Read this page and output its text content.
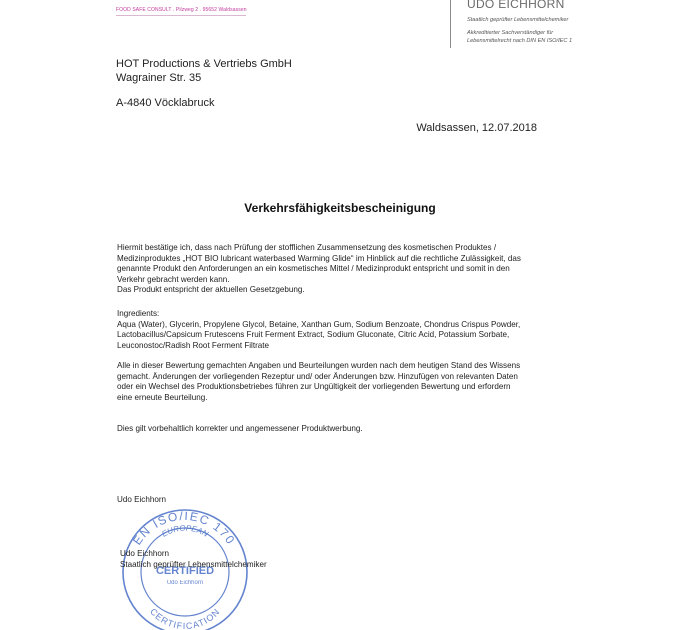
FOOD SAFE CONSULT . Pilzweg 2 . 95652 Waldsassen	UDO EICHHORN
Staatlich geprüfter Lebensmittelchemiker
Akkreditierter Sachverständiger für
Lebensmittelrecht nach DIN EN ISO/IEC 1
HOT Productions & Vertriebs GmbH
Wagrainer Str. 35
A-4840 Vöcklabruck
Waldsassen, 12.07.2018
Verkehrsfähigkeitsbescheinigung
Hiermit bestätige ich, dass nach Prüfung der stofflichen Zusammensetzung des kosmetischen Produktes /
Medizinproduktes „HOT BIO lubricant waterbased Warming Glide“ im Hinblick auf die rechtliche Zulässigkeit, das
genannte Produkt den Anforderungen an ein kosmetisches Mittel / Medizinprodukt entspricht und somit in den
Verkehr gebracht werden kann.
Das Produkt entspricht der aktuellen Gesetzgebung.
Ingredients:
Aqua (Water), Glycerin, Propylene Glycol, Betaine, Xanthan Gum, Sodium Benzoate, Chondrus Crispus Powder,
Lactobacillus/Capsicum Frutescens Fruit Ferment Extract, Sodium Gluconate, Citric Acid, Potassium Sorbate,
Leuconostoc/Radish Root Ferment Filtrate
Alle in dieser Bewertung gemachten Angaben und Beurteilungen wurden nach dem heutigen Stand des Wissens
gemacht. Änderungen der vorliegenden Rezeptur und/ oder Änderungen bzw. Hinzufügen von relevanten Daten
oder ein Wechsel des Produktionsbetriebes führen zur Ungültigkeit der vorliegenden Bewertung und erfordern
eine erneute Beurteilung.
Dies gilt vorbehaltlich korrekter und angemessener Produktwerbung.
Udo Eichhorn
EN ISO/IEC 170
EUROPEAN
CERTIFIED
Udo Eichhorn
CERTIFICATION
Udo Eichhorn
Staatlich geprüfter Lebensmittelchemiker
